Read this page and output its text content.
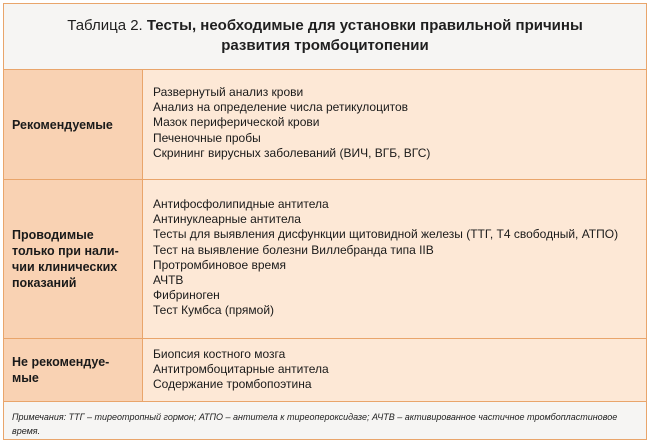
Таблица 2. Тесты, необходимые для установки правильной причины
развития тромбоцитопении
Рекомендуемые
Развернутый анализ крови
Анализ на определение числа ретикулоцитов
Мазок периферической крови
Печеночные пробы
Скрининг вирусных заболеваний (ВИЧ, ВГБ, ВГС)
Проводимые
только при нали-
чии клинических
показаний
Антифосфолипидные антитела
Антинуклеарные антитела
Тесты для выявления дисфункции щитовидной железы (ТТГ, Т4 свободный, АТПО)
Тест на выявление болезни Виллебранда типа IIB
Протромбиновое время
АЧТВ
Фибриноген
Тест Кумбса (прямой)
Не рекомендуе-
мые
Биопсия костного мозга
Антитромбоцитарные антитела
Содержание тромбопоэтина
Примечания: ТТГ – тиреотропный гормон; АТПО – антитела к тиреопероксидазе; АЧТВ – активированное частичное тромбопластиновое
время.
